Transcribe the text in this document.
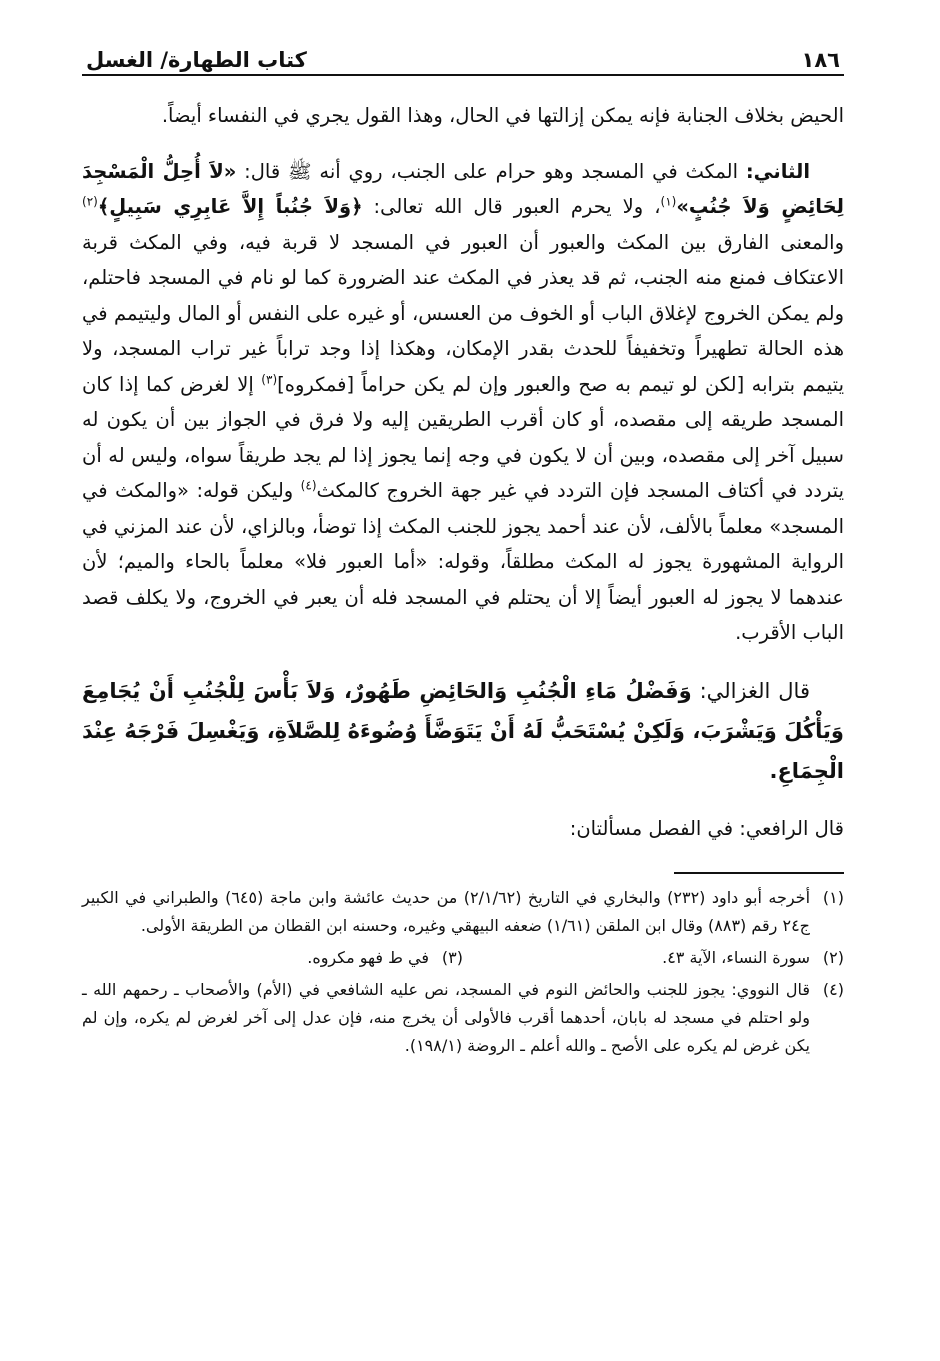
١٨٦
كتاب الطهارة/ الغسل

الحيض بخلاف الجنابة فإنه يمكن إزالتها في الحال، وهذا القول يجري في النفساء أيضاً.

الثاني: المكث في المسجد وهو حرام على الجنب، روي أنه ﷺ قال: «لاَ أُحِلُّ الْمَسْجِدَ لِحَائِضٍ وَلاَ جُنُبٍ»$^{(١)}$، ولا يحرم العبور قال الله تعالى: ﴿وَلاَ جُنُباً إِلاَّ عَابِرِي سَبِيلٍ﴾$^{(٢)}$ والمعنى الفارق بين المكث والعبور أن العبور في المسجد لا قربة فيه، وفي المكث قربة الاعتكاف فمنع منه الجنب، ثم قد يعذر في المكث عند الضرورة كما لو نام في المسجد فاحتلم، ولم يمكن الخروج لإغلاق الباب أو الخوف من العسس، أو غيره على النفس أو المال وليتيمم في هذه الحالة تطهيراً وتخفيفاً للحدث بقدر الإمكان، وهكذا إذا وجد تراباً غير تراب المسجد، ولا يتيمم بترابه [لكن لو تيمم به صح والعبور وإن لم يكن حراماً [فمكروه]$^{(٣)}$ إلا لغرض كما إذا كان المسجد طريقه إلى مقصده، أو كان أقرب الطريقين إليه ولا فرق في الجواز بين أن يكون له سبيل آخر إلى مقصده، وبين أن لا يكون في وجه إنما يجوز إذا لم يجد طريقاً سواه، وليس له أن يتردد في أكتاف المسجد فإن التردد في غير جهة الخروج كالمكث$^{(٤)}$ وليكن قوله: «والمكث في المسجد» معلماً بالألف، لأن عند أحمد يجوز للجنب المكث إذا توضأ، وبالزاي، لأن عند المزني في الرواية المشهورة يجوز له المكث مطلقاً، وقوله: «أما العبور فلا» معلماً بالحاء والميم؛ لأن عندهما لا يجوز له العبور أيضاً إلا أن يحتلم في المسجد فله أن يعبر في الخروج، ولا يكلف قصد الباب الأقرب.

قال الغزالي: وَفَضْلُ مَاءِ الْجُنُبِ وَالحَائِضِ طَهُورٌ، وَلاَ بَأْسَ لِلْجُنُبِ أَنْ يُجَامِعَ وَيَأْكُلَ وَيَشْرَبَ، وَلَكِنْ يُسْتَحَبُّ لَهُ أَنْ يَتَوَضَّأَ وُضُوءَهُ لِلصَّلاَةِ، وَيَغْسِلَ فَرْجَهُ عِنْدَ الْجِمَاعِ.

قال الرافعي: في الفصل مسألتان:

(١)
أخرجه أبو داود (٢٣٢) والبخاري في التاريخ (٢/١/٦٢) من حديث عائشة وابن ماجة (٦٤٥) والطبراني في الكبير ج٢٤ رقم (٨٨٣) وقال ابن الملقن (١/٦١) ضعفه البيهقي وغيره، وحسنه ابن القطان من الطريقة الأولى.
(٢)
سورة النساء، الآية ٤٣.
(٣)
في ط فهو مكروه.
(٤)
قال النووي: يجوز للجنب والحائض النوم في المسجد، نص عليه الشافعي في (الأم) والأصحاب ـ رحمهم الله ـ ولو احتلم في مسجد له بابان، أحدهما أقرب فالأولى أن يخرج منه، فإن عدل إلى آخر لغرض لم يكره، وإن لم يكن غرض لم يكره على الأصح ـ والله أعلم ـ الروضة (١٩٨/١).
